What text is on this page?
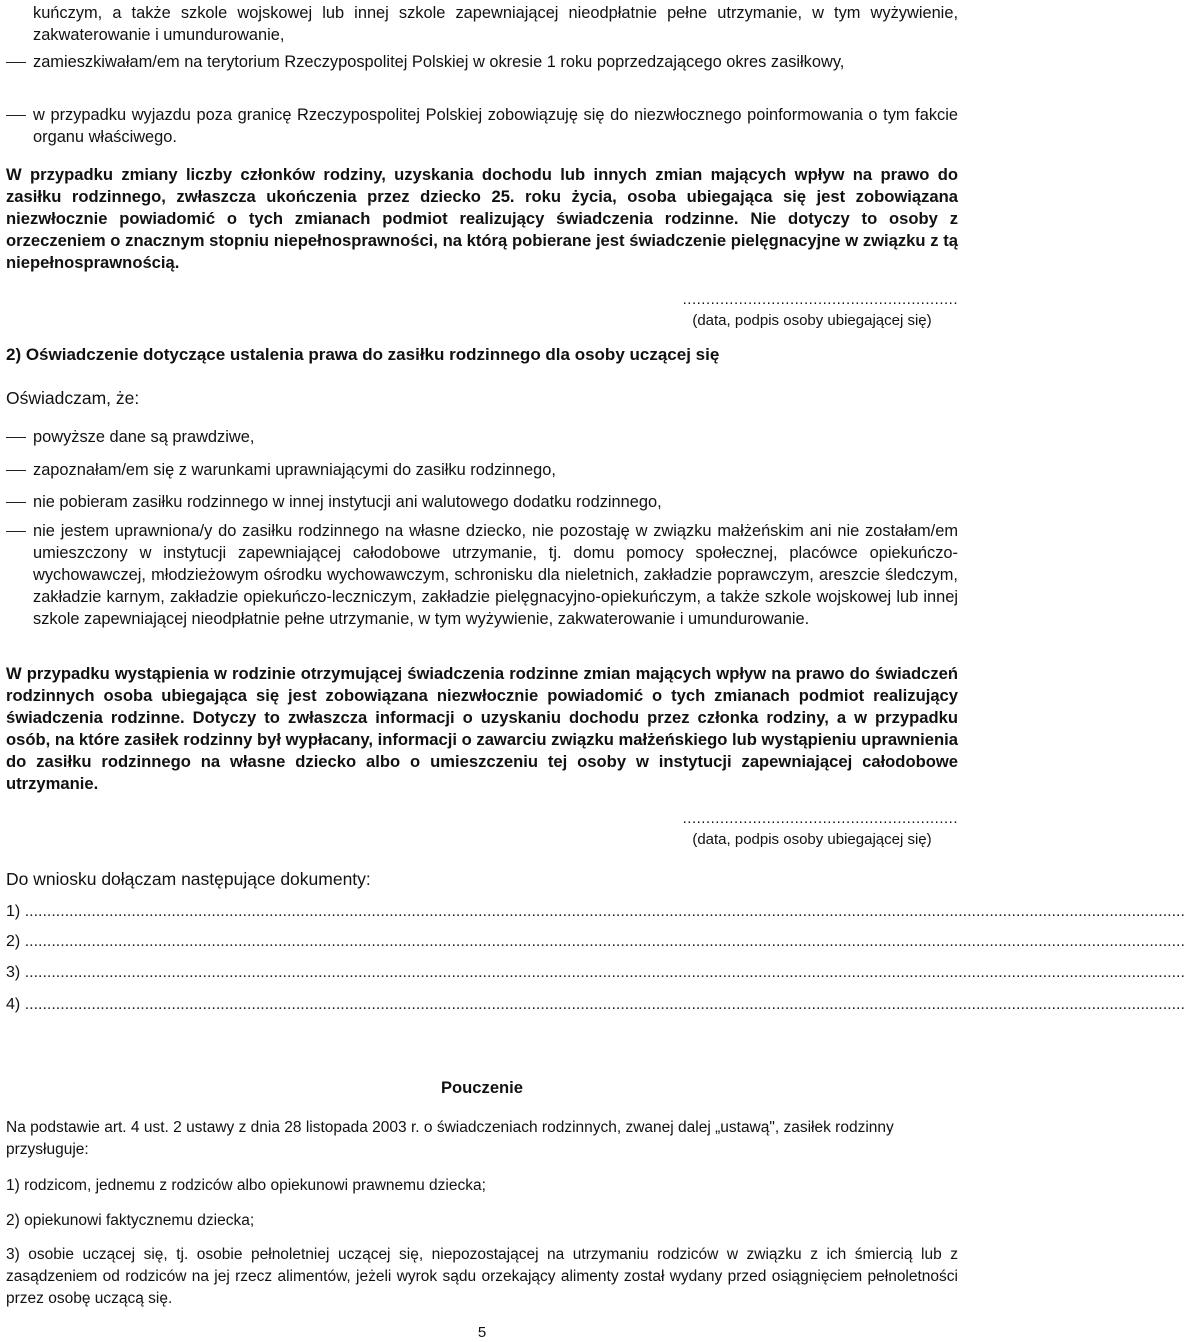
kuńczym, a także szkole wojskowej lub innej szkole zapewniającej nieodpłatnie pełne utrzymanie, w tym wyżywienie, zakwaterowanie i umundurowanie,
zamieszkiwałam/em na terytorium Rzeczypospolitej Polskiej w okresie 1 roku poprzedzającego okres zasiłkowy,
w przypadku wyjazdu poza granicę Rzeczypospolitej Polskiej zobowiązuję się do niezwłocznego poinformowania o tym fakcie organu właściwego.
W przypadku zmiany liczby członków rodziny, uzyskania dochodu lub innych zmian mających wpływ na prawo do zasiłku rodzinnego, zwłaszcza ukończenia przez dziecko 25. roku życia, osoba ubiegająca się jest zobowiązana niezwłocznie powiadomić o tych zmianach podmiot realizujący świadczenia rodzinne. Nie dotyczy to osoby z orzeczeniem o znacznym stopniu niepełnosprawności, na którą pobierane jest świadczenie pielęgnacyjne w związku z tą niepełnosprawnością.
...........................................................
(data, podpis osoby ubiegającej się)
2) Oświadczenie dotyczące ustalenia prawa do zasiłku rodzinnego dla osoby uczącej się
Oświadczam, że:
powyższe dane są prawdziwe,
zapoznałam/em się z warunkami uprawniającymi do zasiłku rodzinnego,
nie pobieram zasiłku rodzinnego w innej instytucji ani walutowego dodatku rodzinnego,
nie jestem uprawniona/y do zasiłku rodzinnego na własne dziecko, nie pozostaję w związku małżeńskim ani nie zostałam/em umieszczony w instytucji zapewniającej całodobowe utrzymanie, tj. domu pomocy społecznej, placówce opiekuńczo-wychowawczej, młodzieżowym ośrodku wychowawczym, schronisku dla nieletnich, zakładzie poprawczym, areszcie śledczym, zakładzie karnym, zakładzie opiekuńczo-leczniczym, zakładzie pielęgnacyjno-opiekuńczym, a także szkole wojskowej lub innej szkole zapewniającej nieodpłatnie pełne utrzymanie, w tym wyżywienie, zakwaterowanie i umundurowanie.
W przypadku wystąpienia w rodzinie otrzymującej świadczenia rodzinne zmian mających wpływ na prawo do świadczeń rodzinnych osoba ubiegająca się jest zobowiązana niezwłocznie powiadomić o tych zmianach podmiot realizujący świadczenia rodzinne. Dotyczy to zwłaszcza informacji o uzyskaniu dochodu przez członka rodziny, a w przypadku osób, na które zasiłek rodzinny był wypłacany, informacji o zawarciu związku małżeńskiego lub wystąpieniu uprawnienia do zasiłku rodzinnego na własne dziecko albo o umieszczeniu tej osoby w instytucji zapewniającej całodobowe utrzymanie.
...........................................................
(data, podpis osoby ubiegającej się)
Do wniosku dołączam następujące dokumenty:
1) .....................................................................................................................................................................................................................................................................
2) .....................................................................................................................................................................................................................................................................
3) .....................................................................................................................................................................................................................................................................
4) .....................................................................................................................................................................................................................................................................
Pouczenie
Na podstawie art. 4 ust. 2 ustawy z dnia 28 listopada 2003 r. o świadczeniach rodzinnych, zwanej dalej „ustawą", zasiłek rodzinny przysługuje:
1) rodzicom, jednemu z rodziców albo opiekunowi prawnemu dziecka;
2) opiekunowi faktycznemu dziecka;
3) osobie uczącej się, tj. osobie pełnoletniej uczącej się, niepozostającej na utrzymaniu rodziców w związku z ich śmiercią lub z zasądzeniem od rodziców na jej rzecz alimentów, jeżeli wyrok sądu orzekający alimenty został wydany przed osiągnięciem pełnoletności przez osobę uczącą się.
5
